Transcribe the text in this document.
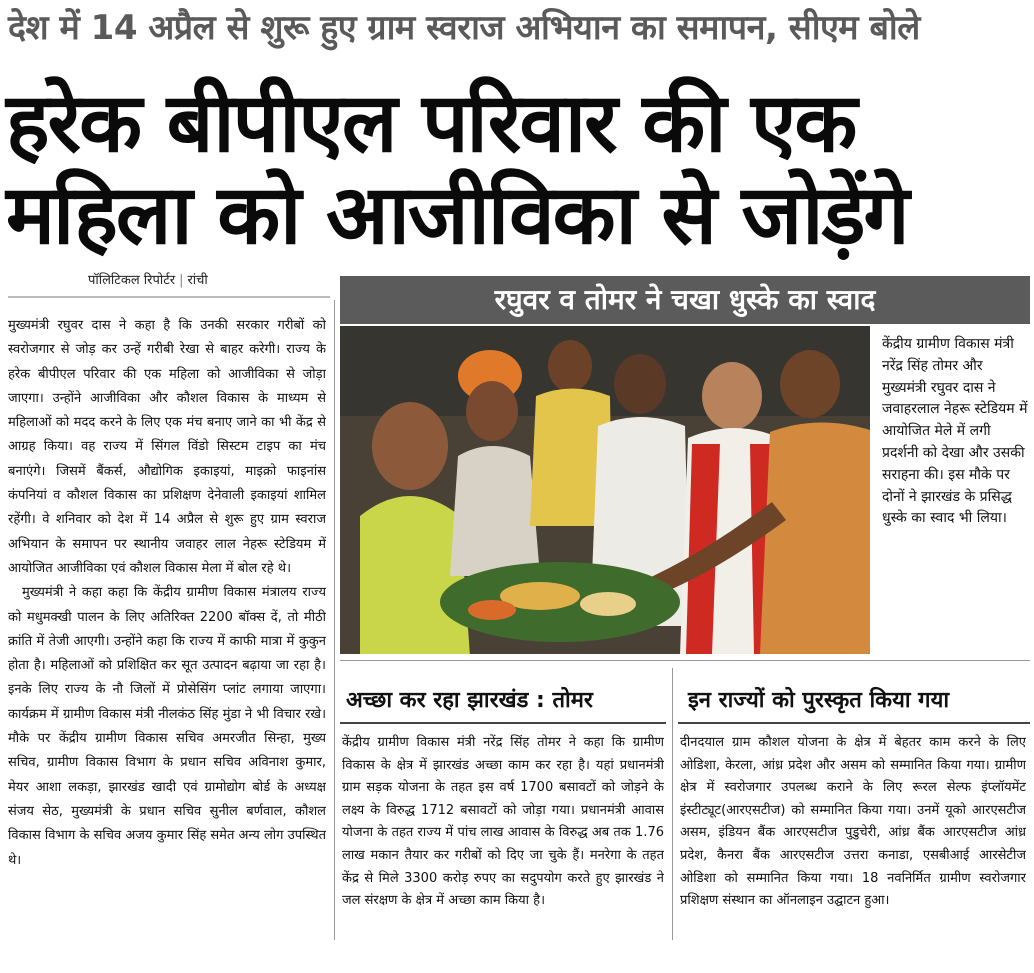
देश में 14 अप्रैल से शुरू हुए ग्राम स्वराज अभियान का समापन, सीएम बोले
हरेक बीपीएल परिवार की एक
महिला को आजीविका से जोड़ेंगे
पॉलिटिकल रिपोर्टर | रांची

मुख्यमंत्री रघुवर दास ने कहा है कि उनकी सरकार गरीबों को स्वरोजगार से जोड़ कर उन्हें गरीबी रेखा से बाहर करेगी। राज्य के हरेक बीपीएल परिवार की एक महिला को आजीविका से जोड़ा जाएगा। उन्होंने आजीविका और कौशल विकास के माध्यम से महिलाओं को मदद करने के लिए एक मंच बनाए जाने का भी केंद्र से आग्रह किया। वह राज्य में सिंगल विंडो सिस्टम टाइप का मंच बनाएंगे। जिसमें बैंकर्स, औद्योगिक इकाइयां, माइक्रो फाइनांस कंपनियां व कौशल विकास का प्रशिक्षण देनेवाली इकाइयां शामिल रहेंगी। वे शनिवार को देश में 14 अप्रैल से शुरू हुए ग्राम स्वराज अभियान के समापन पर स्थानीय जवाहर लाल नेहरू स्टेडियम में आयोजित आजीविका एवं कौशल विकास मेला में बोल रहे थे।

मुख्यमंत्री ने कहा कहा कि केंद्रीय ग्रामीण विकास मंत्रालय राज्य को मधुमक्खी पालन के लिए अतिरिक्त 2200 बॉक्स दें, तो मीठी क्रांति में तेजी आएगी। उन्होंने कहा कि राज्य में काफी मात्रा में कुकुन होता है। महिलाओं को प्रशिक्षित कर सूत उत्पादन बढ़ाया जा रहा है। इनके लिए राज्य के नौ जिलों में प्रोसेसिंग प्लांट लगाया जाएगा। कार्यक्रम में ग्रामीण विकास मंत्री नीलकंठ सिंह मुंडा ने भी विचार रखे। मौके पर केंद्रीय ग्रामीण विकास सचिव अमरजीत सिन्हा, मुख्य सचिव, ग्रामीण विकास विभाग के प्रधान सचिव अविनाश कुमार, मेयर आशा लकड़ा, झारखंड खादी एवं ग्रामोद्योग बोर्ड के अध्यक्ष संजय सेठ, मुख्यमंत्री के प्रधान सचिव सुनील बर्णवाल, कौशल विकास विभाग के सचिव अजय कुमार सिंह समेत अन्य लोग उपस्थित थे।

रघुवर व तोमर ने चखा धुस्के का स्वाद
केंद्रीय ग्रामीण विकास मंत्री नरेंद्र सिंह तोमर और मुख्यमंत्री रघुवर दास ने जवाहरलाल नेहरू स्टेडियम में आयोजित मेले में लगी प्रदर्शनी को देखा और उसकी सराहना की। इस मौके पर दोनों ने झारखंड के प्रसिद्ध धुस्के का स्वाद भी लिया।
अच्छा कर रहा झारखंड : तोमर

केंद्रीय ग्रामीण विकास मंत्री नरेंद्र सिंह तोमर ने कहा कि ग्रामीण विकास के क्षेत्र में झारखंड अच्छा काम कर रहा है। यहां प्रधानमंत्री ग्राम सड़क योजना के तहत इस वर्ष 1700 बसावटों को जोड़ने के लक्ष्य के विरुद्ध 1712 बसावटों को जोड़ा गया। प्रधानमंत्री आवास योजना के तहत राज्य में पांच लाख आवास के विरुद्ध अब तक 1.76 लाख मकान तैयार कर गरीबों को दिए जा चुके हैं। मनरेगा के तहत केंद्र से मिले 3300 करोड़ रुपए का सदुपयोग करते हुए झारखंड ने जल संरक्षण के क्षेत्र में अच्छा काम किया है।

इन राज्यों को पुरस्कृत किया गया

दीनदयाल ग्राम कौशल योजना के क्षेत्र में बेहतर काम करने के लिए ओडिशा, केरला, आंध्र प्रदेश और असम को सम्मानित किया गया। ग्रामीण क्षेत्र में स्वरोजगार उपलब्ध कराने के लिए रूरल सेल्फ इंप्लॉयमेंट इंस्टीट्यूट(आरएसटीज) को सम्मानित किया गया। उनमें यूको आरएसटीज असम, इंडियन बैंक आरएसटीज पुडुचेरी, आंध्र बैंक आरएसटीज आंध्र प्रदेश, कैनरा बैंक आरएसटीज उत्तरा कनाडा, एसबीआई आरसेटीज ओडिशा को सम्मानित किया गया। 18 नवनिर्मित ग्रामीण स्वरोजगार प्रशिक्षण संस्थान का ऑनलाइन उद्घाटन हुआ।
